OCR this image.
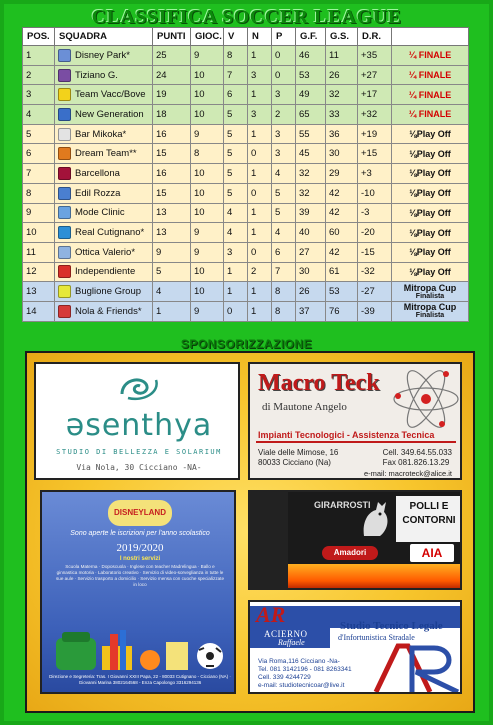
CLASSIFICA SOCCER LEAGUE
POS.	SQUADRA	PUNTI	GIOC.	V	N	P	G.F.	G.S.	D.R.	
1	Disney Park*	25	9	8	1	0	46	11	+35	¼ FINALE

2	Tiziano G.	24	10	7	3	0	53	26	+27	¼ FINALE

3	Team Vacc/Bove	19	10	6	1	3	49	32	+17	¼ FINALE

4	New Generation	18	10	5	3	2	65	33	+32	¼ FINALE

5	Bar Mikoka*	16	9	5	1	3	55	36	+19	⅛Play Off

6	Dream Team**	15	8	5	0	3	45	30	+15	⅛Play Off

7	Barcellona	16	10	5	1	4	32	29	+3	⅛Play Off

8	Edil Rozza	15	10	5	0	5	32	42	-10	⅛Play Off

9	Mode Clinic	13	10	4	1	5	39	42	-3	⅛Play Off

10	Real Cutignano*	13	9	4	1	4	40	60	-20	⅛Play Off

11	Ottica Valerio*	9	9	3	0	6	27	42	-15	⅛Play Off

12	Independiente	5	10	1	2	7	30	61	-32	⅛Play Off

13	Buglione Group	4	10	1	1	8	26	53	-27	Mitropa Cup
Finalista

14	Nola & Friends*	1	9	0	1	8	37	76	-39	Mitropa Cup
Finalista
SPONSORIZZAZIONE
əsenthya
STUDIO DI BELLEZZA E SOLARIUM
Via Nola, 30 Cicciano -NA-
Macro Teck
di Mautone Angelo
Impianti Tecnologici - Assistenza Tecnica
Viale delle Mimose, 16
80033 Cicciano (Na)
Cell. 349.64.55.033
Fax 081.826.13.29
e-mail: macroteck@alice.it
DISNEYLAND
Sono aperte le iscrizioni per l'anno scolastico
2019/2020
I nostri servizi
Scuola Materna · Doposcuola · Inglese con teacher Madrelingua · Ballo e ginnastica motoria · Laboratorio creativo · Servizio di video-sorveglianza in tutte le sue aule · Servizio trasporto a domicilio · Servizio mensa con cuoche specializzate in loco
Direzione e Segreteria: Tras. I Giovanni XXIII Papa, 22 - 80033 Cutignano - Cicciano (NA) · Giovanni Marina 3802164568 - Enza Capolongo 3316294136
GIRARROSTI	POLLI E
CONTORNI
Amadori	AIA
AR
ACIERNO
Raffaele
Studio Tecnico Legale
d'Infortunistica Stradale
Via Roma,116 Cicciano -Na-
Tel. 081 3142196 - 081 8263341
Cell. 339 4244729
e-mail: studiotecnicoar@live.it
